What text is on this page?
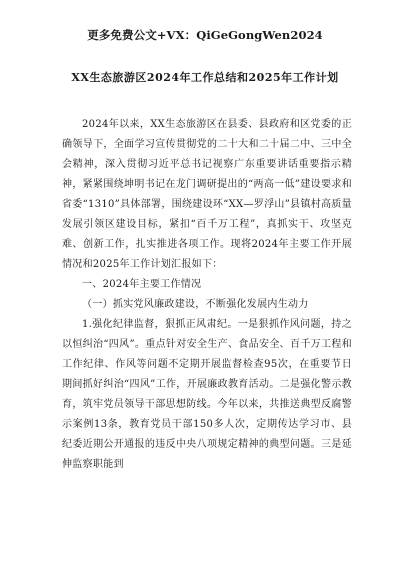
更多免费公文+VX：QiGeGongWen2024
XX生态旅游区2024年工作总结和2025年工作计划

2024年以来，XX生态旅游区在县委、县政府和区党委的正确领导下，全面学习宣传贯彻党的二十大和二十届二中、三中全会精神，深入贯彻习近平总书记视察广东重要讲话重要指示精神，紧紧围绕坤明书记在龙门调研提出的“两高一低”建设要求和省委“1310”具体部署，围绕建设环“XX—罗浮山”县镇村高质量发展引领区建设目标，紧扣“百千万工程”，真抓实干、攻坚克难、创新工作，扎实推进各项工作。现将2024年主要工作开展情况和2025年工作计划汇报如下：

一、2024年主要工作情况

（一）抓实党风廉政建设，不断强化发展内生动力

1.强化纪律监督，狠抓正风肃纪。一是狠抓作风问题，持之以恒纠治“四风”。重点针对安全生产、食品安全、百千万工程和工作纪律、作风等问题不定期开展监督检查95次，在重要节日期间抓好纠治“四风”工作，开展廉政教育活动。二是强化警示教育，筑牢党员领导干部思想防线。今年以来，共推送典型反腐警示案例13条，教育党员干部150多人次，定期传达学习市、县纪委近期公开通报的违反中央八项规定精神的典型问题。三是延伸监察职能到
